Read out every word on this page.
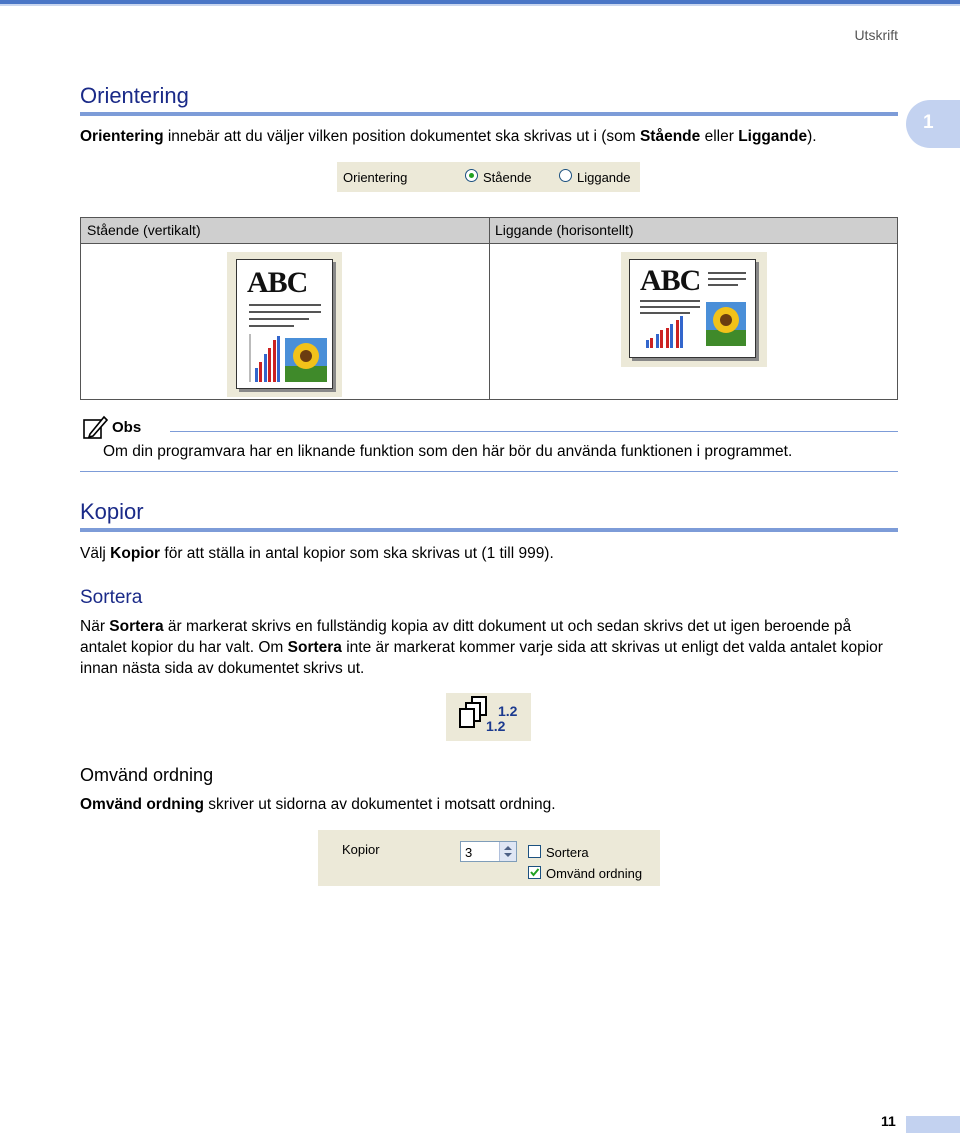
Utskrift
1
Orientering
Orientering innebär att du väljer vilken position dokumentet ska skrivas ut i (som Stående eller Liggande).
Orientering	Stående	Liggande
Stående (vertikalt)	Liggande (horisontellt)
ABC	ABC
Obs
Om din programvara har en liknande funktion som den här bör du använda funktionen i programmet.
Kopior
Välj Kopior för att ställa in antal kopior som ska skrivas ut (1 till 999).
Sortera
När Sortera är markerat skrivs en fullständig kopia av ditt dokument ut och sedan skrivs det ut igen beroende på antalet kopior du har valt. Om Sortera inte är markerat kommer varje sida att skrivas ut enligt det valda antalet kopior innan nästa sida av dokumentet skrivs ut.
1.2
1.2
Omvänd ordning
Omvänd ordning skriver ut sidorna av dokumentet i motsatt ordning.
Kopior	3	Sortera
Omvänd ordning
11
